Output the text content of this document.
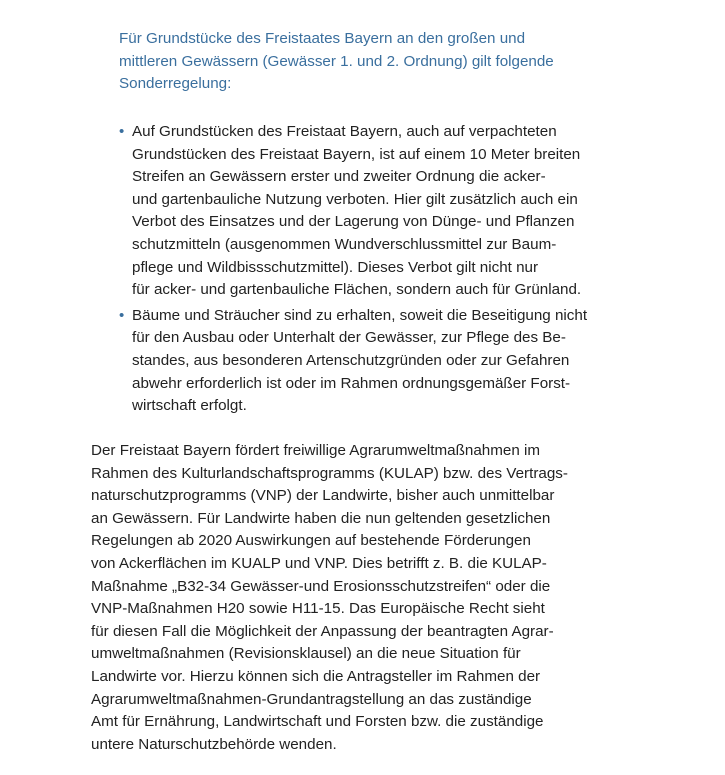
Für Grundstücke des Freistaates Bayern an den großen und
mittleren Gewässern (Gewässer 1. und 2. Ordnung) gilt folgende
Sonderregelung:
• Auf Grundstücken des Freistaat Bayern, auch auf verpachteten
Grundstücken des Freistaat Bayern, ist auf einem 10 Meter breiten
Streifen an Gewässern erster und zweiter Ordnung die acker-
und gartenbauliche Nutzung verboten. Hier gilt zusätzlich auch ein
Verbot des Einsatzes und der Lagerung von Dünge- und Pflanzen
schutzmitteln (ausgenommen Wundverschlussmittel zur Baum-
pflege und Wildbissschutzmittel). Dieses Verbot gilt nicht nur
für acker- und gartenbauliche Flächen, sondern auch für Grünland.
• Bäume und Sträucher sind zu erhalten, soweit die Beseitigung nicht
für den Ausbau oder Unterhalt der Gewässer, zur Pflege des Be-
standes, aus besonderen Artenschutzgründen oder zur Gefahren
abwehr erforderlich ist oder im Rahmen ordnungsgemäßer Forst-
wirtschaft erfolgt.
Der Freistaat Bayern fördert freiwillige Agrarumweltmaßnahmen im
Rahmen des Kulturlandschaftsprogramms (KULAP) bzw. des Vertrags-
naturschutzprogramms (VNP) der Landwirte, bisher auch unmittelbar
an Gewässern. Für Landwirte haben die nun geltenden gesetzlichen
Regelungen ab 2020 Auswirkungen auf bestehende Förderungen
von Ackerflächen im KUALP und VNP. Dies betrifft z. B. die KULAP-
Maßnahme „B32-34 Gewässer-und Erosionsschutzstreifen“ oder die
VNP-Maßnahmen H20 sowie H11-15. Das Europäische Recht sieht
für diesen Fall die Möglichkeit der Anpassung der beantragten Agrar-
umweltmaßnahmen (Revisionsklausel) an die neue Situation für
Landwirte vor. Hierzu können sich die Antragsteller im Rahmen der
Agrarumweltmaßnahmen-Grundantragstellung an das zuständige
Amt für Ernährung, Landwirtschaft und Forsten bzw. die zuständige
untere Naturschutzbehörde wenden.
